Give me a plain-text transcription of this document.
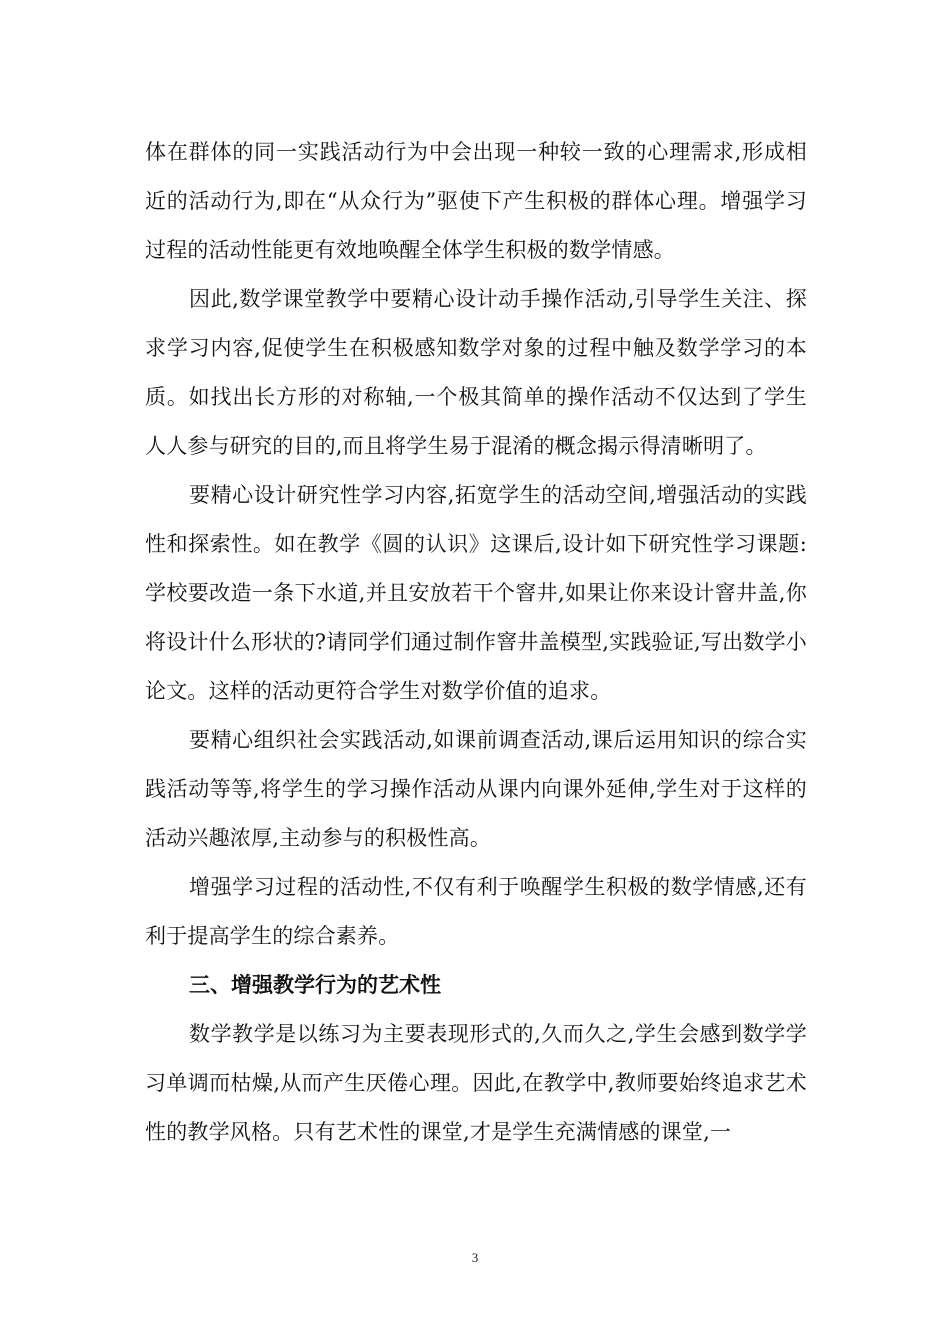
体在群体的同一实践活动行为中会出现一种较一致的心理需求,形成相近的活动行为,即在“从众行为”驱使下产生积极的群体心理。增强学习过程的活动性能更有效地唤醒全体学生积极的数学情感。

因此,数学课堂教学中要精心设计动手操作活动,引导学生关注、探求学习内容,促使学生在积极感知数学对象的过程中触及数学学习的本质。如找出长方形的对称轴,一个极其简单的操作活动不仅达到了学生人人参与研究的目的,而且将学生易于混淆的概念揭示得清晰明了。

要精心设计研究性学习内容,拓宽学生的活动空间,增强活动的实践性和探索性。如在教学《圆的认识》这课后,设计如下研究性学习课题:学校要改造一条下水道,并且安放若干个窨井,如果让你来设计窨井盖,你将设计什么形状的?请同学们通过制作窨井盖模型,实践验证,写出数学小论文。这样的活动更符合学生对数学价值的追求。

要精心组织社会实践活动,如课前调查活动,课后运用知识的综合实践活动等等,将学生的学习操作活动从课内向课外延伸,学生对于这样的活动兴趣浓厚,主动参与的积极性高。

增强学习过程的活动性,不仅有利于唤醒学生积极的数学情感,还有利于提高学生的综合素养。

三、增强教学行为的艺术性

数学教学是以练习为主要表现形式的,久而久之,学生会感到数学学习单调而枯燥,从而产生厌倦心理。因此,在教学中,教师要始终追求艺术性的教学风格。只有艺术性的课堂,才是学生充满情感的课堂,一

3
